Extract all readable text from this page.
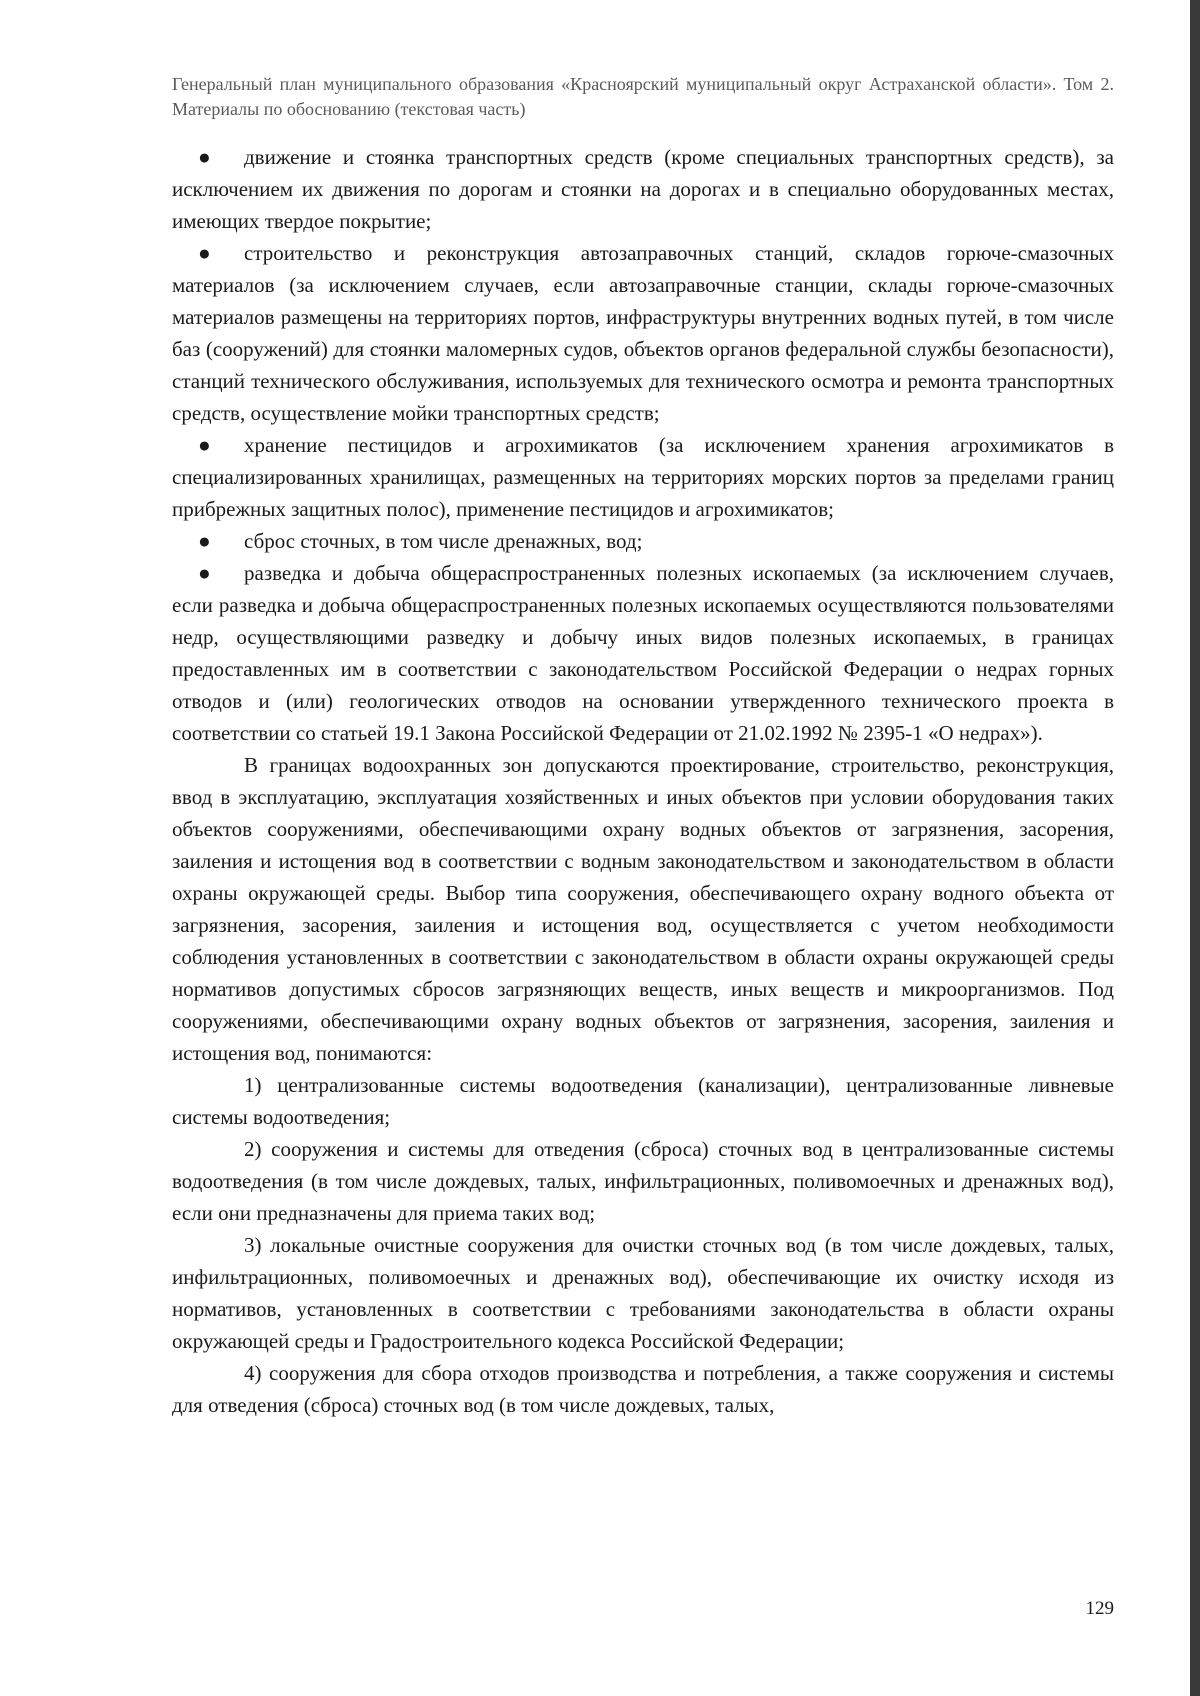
Генеральный план муниципального образования «Красноярский муниципальный округ Астраханской области». Том 2. Материалы по обоснованию (текстовая часть)

● движение и стоянка транспортных средств (кроме специальных транспортных средств), за исключением их движения по дорогам и стоянки на дорогах и в специально оборудованных местах, имеющих твердое покрытие;

● строительство и реконструкция автозаправочных станций, складов горюче-смазочных материалов (за исключением случаев, если автозаправочные станции, склады горюче-смазочных материалов размещены на территориях портов, инфраструктуры внутренних водных путей, в том числе баз (сооружений) для стоянки маломерных судов, объектов органов федеральной службы безопасности), станций технического обслуживания, используемых для технического осмотра и ремонта транспортных средств, осуществление мойки транспортных средств;

● хранение пестицидов и агрохимикатов (за исключением хранения агрохимикатов в специализированных хранилищах, размещенных на территориях морских портов за пределами границ прибрежных защитных полос), применение пестицидов и агрохимикатов;

● сброс сточных, в том числе дренажных, вод;

● разведка и добыча общераспространенных полезных ископаемых (за исключением случаев, если разведка и добыча общераспространенных полезных ископаемых осуществляются пользователями недр, осуществляющими разведку и добычу иных видов полезных ископаемых, в границах предоставленных им в соответствии с законодательством Российской Федерации о недрах горных отводов и (или) геологических отводов на основании утвержденного технического проекта в соответствии со статьей 19.1 Закона Российской Федерации от 21.02.1992 № 2395-1 «О недрах»).

В границах водоохранных зон допускаются проектирование, строительство, реконструкция, ввод в эксплуатацию, эксплуатация хозяйственных и иных объектов при условии оборудования таких объектов сооружениями, обеспечивающими охрану водных объектов от загрязнения, засорения, заиления и истощения вод в соответствии с водным законодательством и законодательством в области охраны окружающей среды. Выбор типа сооружения, обеспечивающего охрану водного объекта от загрязнения, засорения, заиления и истощения вод, осуществляется с учетом необходимости соблюдения установленных в соответствии с законодательством в области охраны окружающей среды нормативов допустимых сбросов загрязняющих веществ, иных веществ и микроорганизмов. Под сооружениями, обеспечивающими охрану водных объектов от загрязнения, засорения, заиления и истощения вод, понимаются:

1) централизованные системы водоотведения (канализации), централизованные ливневые системы водоотведения;

2) сооружения и системы для отведения (сброса) сточных вод в централизованные системы водоотведения (в том числе дождевых, талых, инфильтрационных, поливомоечных и дренажных вод), если они предназначены для приема таких вод;

3) локальные очистные сооружения для очистки сточных вод (в том числе дождевых, талых, инфильтрационных, поливомоечных и дренажных вод), обеспечивающие их очистку исходя из нормативов, установленных в соответствии с требованиями законодательства в области охраны окружающей среды и Градостроительного кодекса Российской Федерации;

4) сооружения для сбора отходов производства и потребления, а также сооружения и системы для отведения (сброса) сточных вод (в том числе дождевых, талых,

129
